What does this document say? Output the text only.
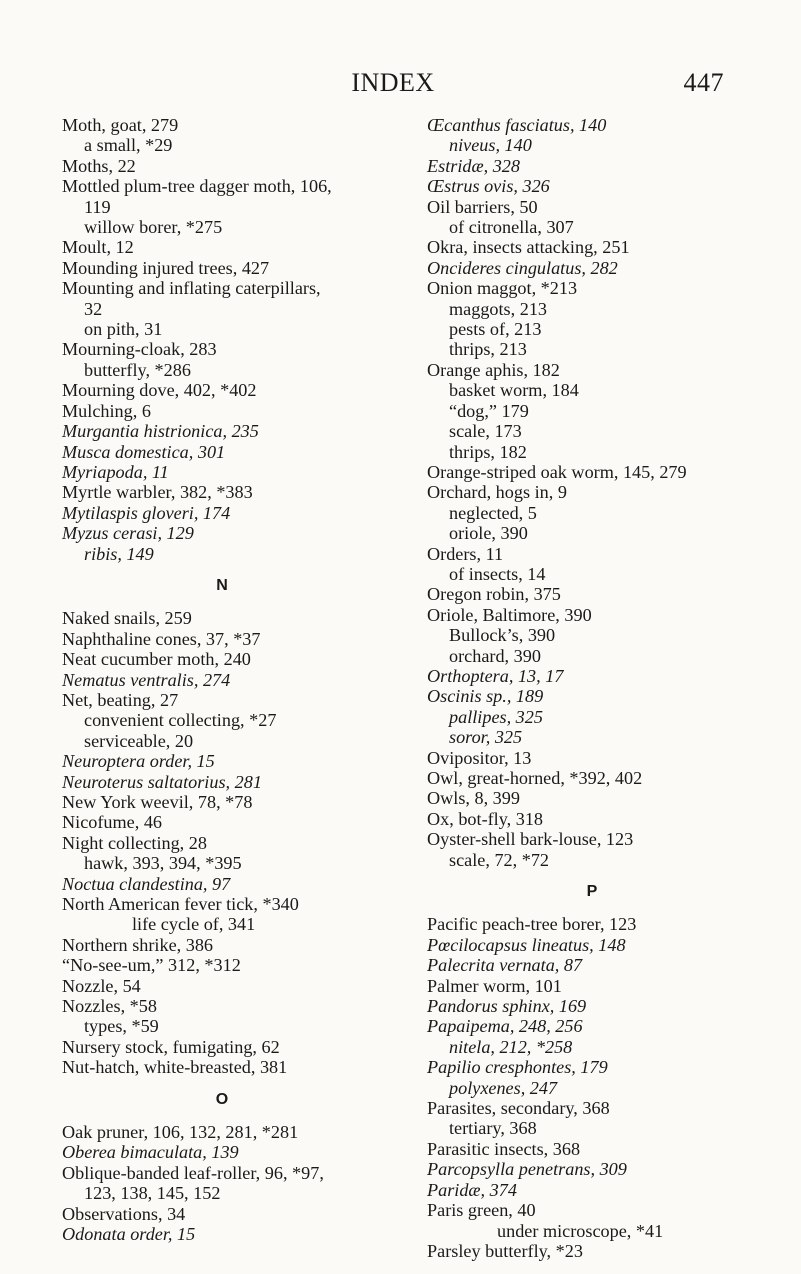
INDEX	447
Moth, goat, 279
a small, *29
Moths, 22
Mottled plum-tree dagger moth, 106,
119
willow borer, *275
Moult, 12
Mounding injured trees, 427
Mounting and inflating caterpillars,
32
on pith, 31
Mourning-cloak, 283
butterfly, *286
Mourning dove, 402, *402
Mulching, 6
Murgantia histrionica, 235
Musca domestica, 301
Myriapoda, 11
Myrtle warbler, 382, *383
Mytilaspis gloveri, 174
Myzus cerasi, 129
ribis, 149
N
Naked snails, 259
Naphthaline cones, 37, *37
Neat cucumber moth, 240
Nematus ventralis, 274
Net, beating, 27
convenient collecting, *27
serviceable, 20
Neuroptera order, 15
Neuroterus saltatorius, 281
New York weevil, 78, *78
Nicofume, 46
Night collecting, 28
hawk, 393, 394, *395
Noctua clandestina, 97
North American fever tick, *340
life cycle of, 341
Northern shrike, 386
“No-see-um,” 312, *312
Nozzle, 54
Nozzles, *58
types, *59
Nursery stock, fumigating, 62
Nut-hatch, white-breasted, 381
O
Oak pruner, 106, 132, 281, *281
Oberea bimaculata, 139
Oblique-banded leaf-roller, 96, *97,
123, 138, 145, 152
Observations, 34
Odonata order, 15
Œcanthus fasciatus, 140
niveus, 140
Estridæ, 328
Œstrus ovis, 326
Oil barriers, 50
of citronella, 307
Okra, insects attacking, 251
Oncideres cingulatus, 282
Onion maggot, *213
maggots, 213
pests of, 213
thrips, 213
Orange aphis, 182
basket worm, 184
“dog,” 179
scale, 173
thrips, 182
Orange-striped oak worm, 145, 279
Orchard, hogs in, 9
neglected, 5
oriole, 390
Orders, 11
of insects, 14
Oregon robin, 375
Oriole, Baltimore, 390
Bullock’s, 390
orchard, 390
Orthoptera, 13, 17
Oscinis sp., 189
pallipes, 325
soror, 325
Ovipositor, 13
Owl, great-horned, *392, 402
Owls, 8, 399
Ox, bot-fly, 318
Oyster-shell bark-louse, 123
scale, 72, *72
P
Pacific peach-tree borer, 123
Pœcilocapsus lineatus, 148
Palecrita vernata, 87
Palmer worm, 101
Pandorus sphinx, 169
Papaipema, 248, 256
nitela, 212, *258
Papilio cresphontes, 179
polyxenes, 247
Parasites, secondary, 368
tertiary, 368
Parasitic insects, 368
Parcopsylla penetrans, 309
Paridæ, 374
Paris green, 40
under microscope, *41
Parsley butterfly, *23
